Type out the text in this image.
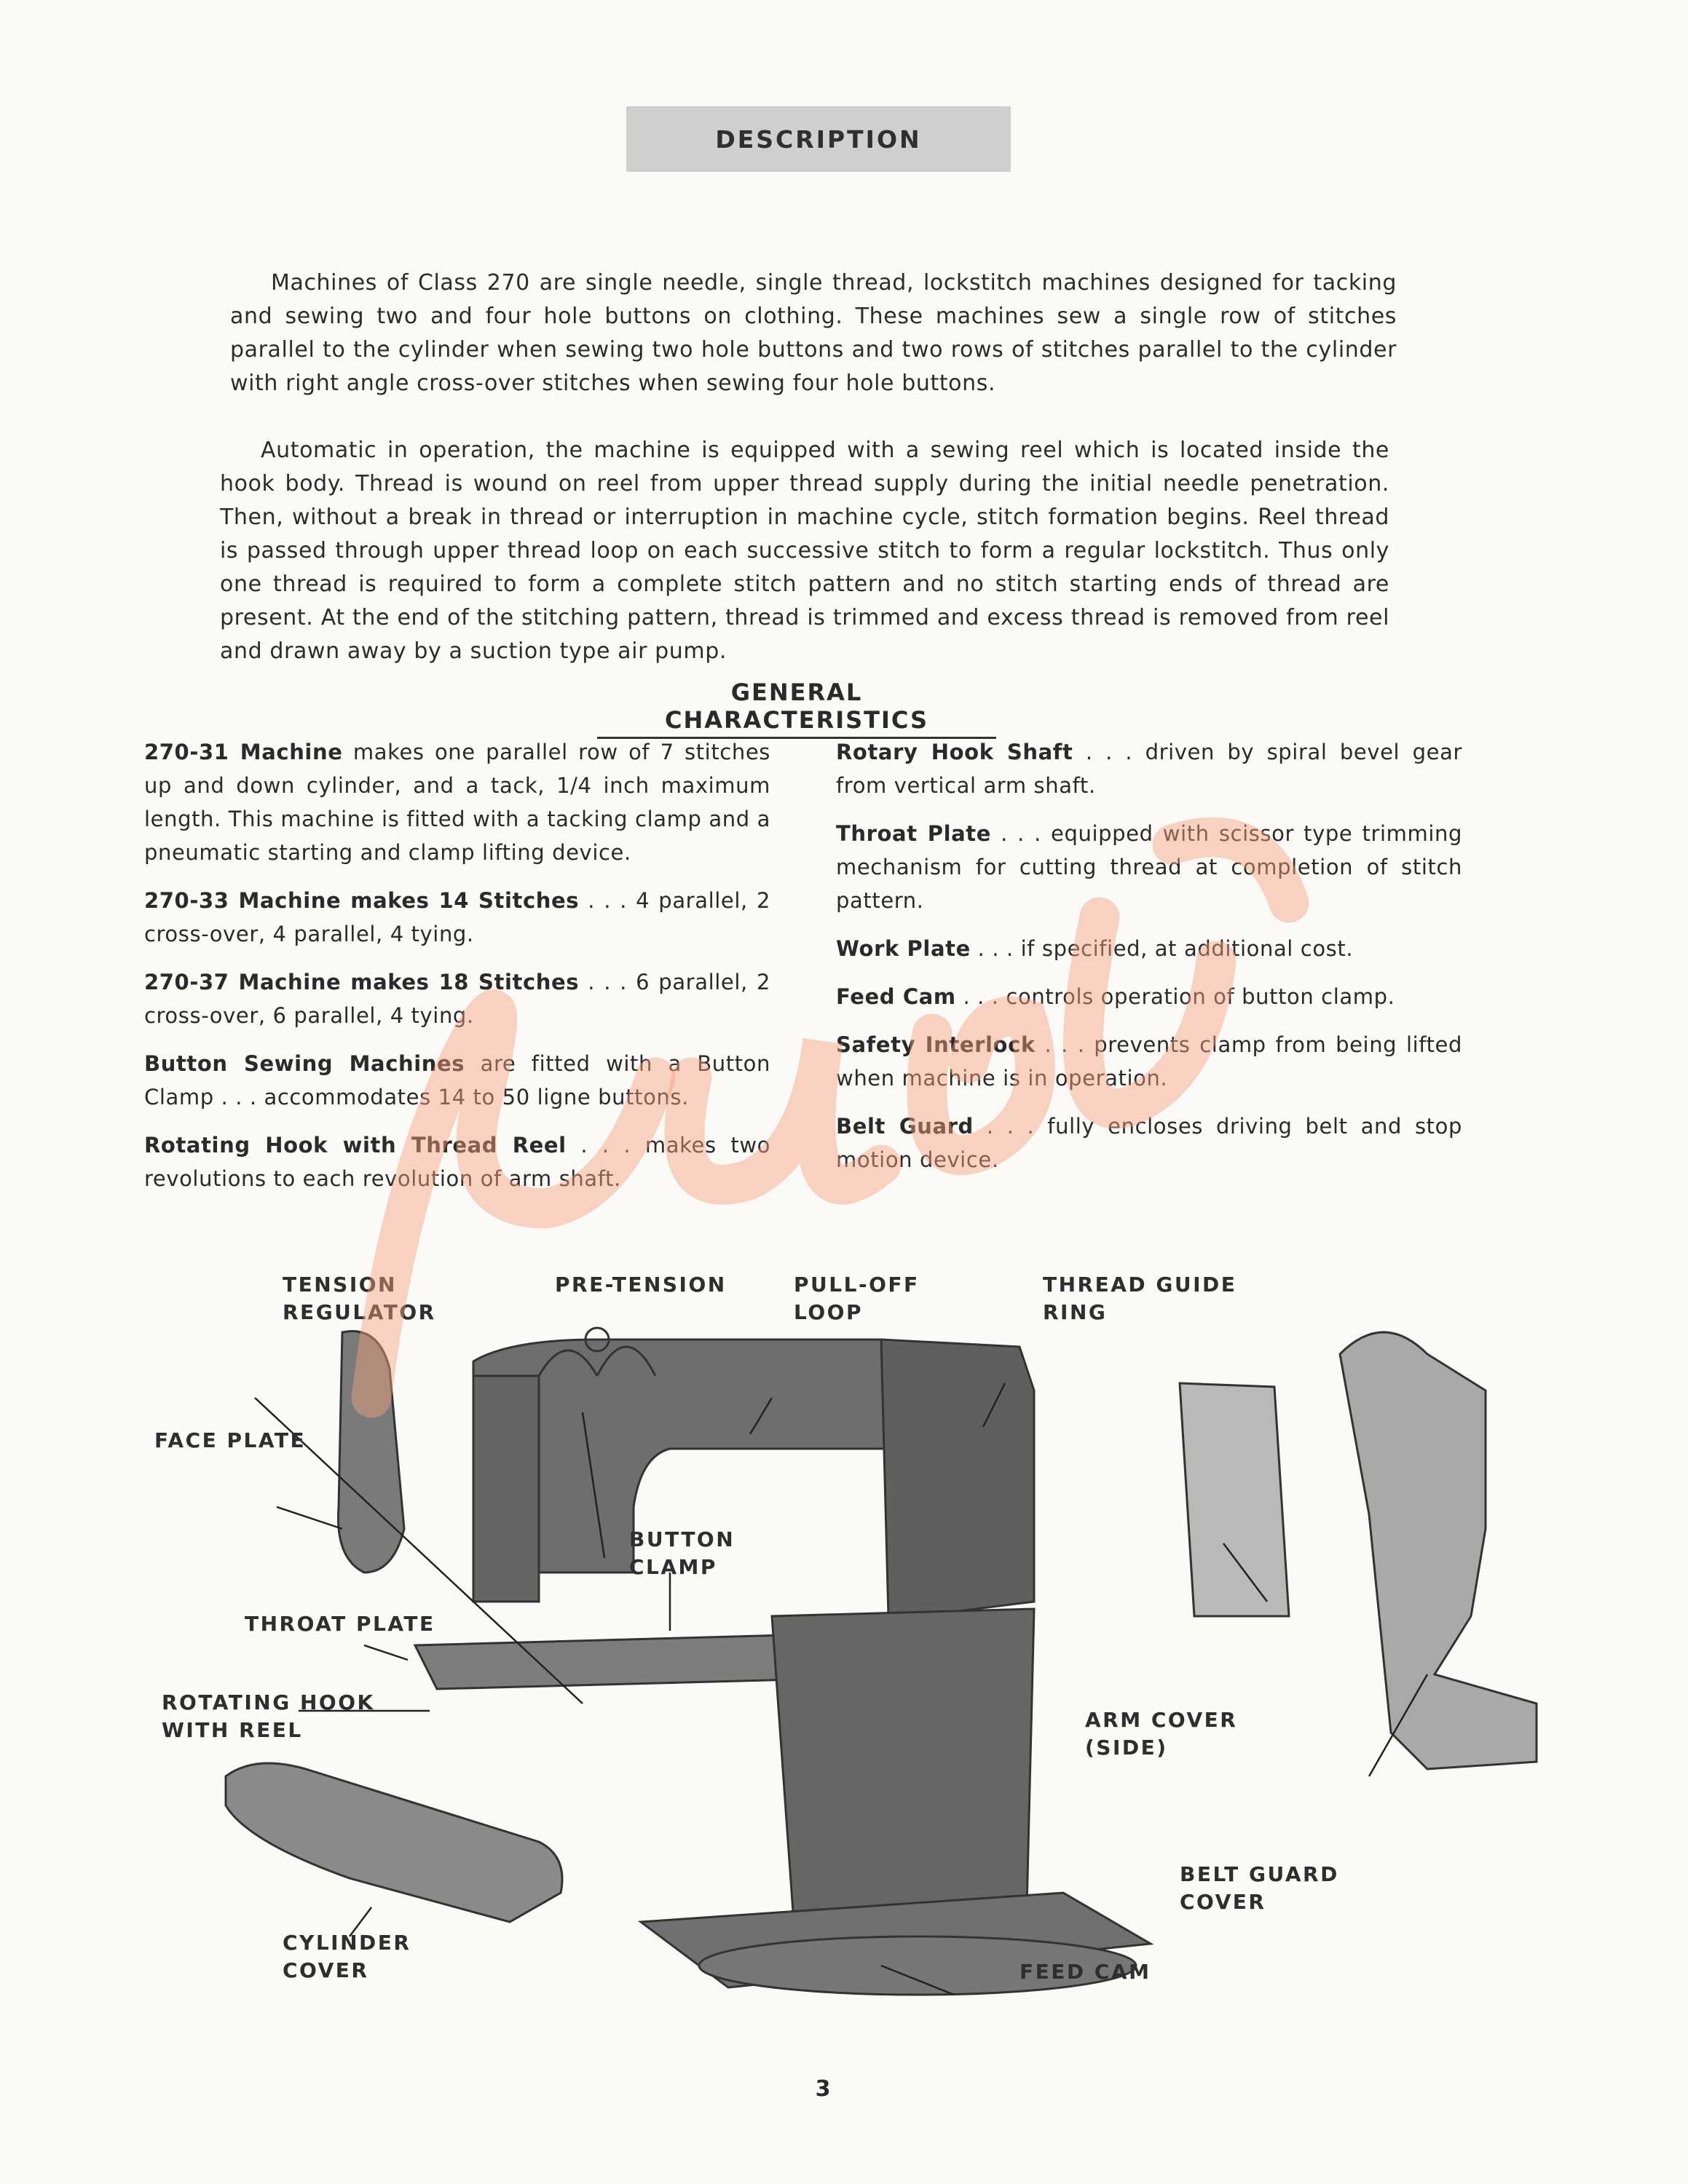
DESCRIPTION

Machines of Class 270 are single needle, single thread, lockstitch machines designed for tacking and sewing two and four hole buttons on clothing. These machines sew a single row of stitches parallel to the cylinder when sewing two hole buttons and two rows of stitches parallel to the cylinder with right angle cross-over stitches when sewing four hole buttons.

Automatic in operation, the machine is equipped with a sewing reel which is located inside the hook body. Thread is wound on reel from upper thread supply during the initial needle penetration. Then, without a break in thread or interruption in machine cycle, stitch formation begins. Reel thread is passed through upper thread loop on each successive stitch to form a regular lockstitch. Thus only one thread is required to form a complete stitch pattern and no stitch starting ends of thread are present. At the end of the stitching pattern, thread is trimmed and excess thread is removed from reel and drawn away by a suction type air pump.

GENERAL CHARACTERISTICS

270-31 Machine makes one parallel row of 7 stitches up and down cylinder, and a tack, 1/4 inch maximum length. This machine is fitted with a tacking clamp and a pneumatic starting and clamp lifting device.

270-33 Machine makes 14 Stitches . . . 4 parallel, 2 cross-over, 4 parallel, 4 tying.

270-37 Machine makes 18 Stitches . . . 6 parallel, 2 cross-over, 6 parallel, 4 tying.

Button Sewing Machines are fitted with a Button Clamp . . . accommodates 14 to 50 ligne buttons.

Rotating Hook with Thread Reel . . . makes two revolutions to each revolution of arm shaft.

Rotary Hook Shaft . . . driven by spiral bevel gear from vertical arm shaft.

Throat Plate . . . equipped with scissor type trimming mechanism for cutting thread at completion of stitch pattern.

Work Plate . . . if specified, at additional cost.

Feed Cam . . . controls operation of button clamp.

Safety Interlock . . . prevents clamp from being lifted when machine is in operation.

Belt Guard . . . fully encloses driving belt and stop motion device.

TENSION
REGULATOR
PRE-TENSION	PULL-OFF
LOOP
THREAD GUIDE
RING
FACE PLATE
BUTTON
CLAMP
THROAT PLATE
ROTATING HOOK
WITH REEL	ARM COVER
(SIDE)
BELT GUARD
COVER
CYLINDER
COVER	FEED CAM
3
